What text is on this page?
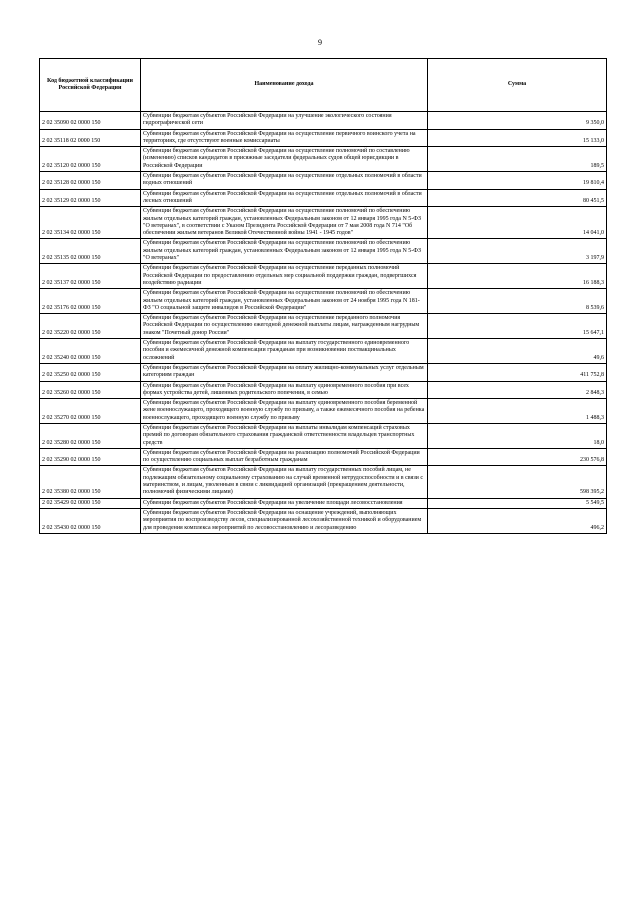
9
Код бюджетной классификации Российской Федерации	Наименование дохода	Сумма
2 02 35090 02 0000 150	Субвенции бюджетам субъектов Российской Федерации на улучшение экологического состояния гидрографической сети	9 350,0
2 02 35118 02 0000 150	Субвенции бюджетам субъектов Российской Федерации на осуществление первичного воинского учета на территориях, где отсутствуют военные комиссариаты	15 133,0
2 02 35120 02 0000 150	Субвенции бюджетам субъектов Российской Федерации на осуществление полномочий по составлению (изменению) списков кандидатов в присяжные заседатели федеральных судов общей юрисдикции в Российской Федерации	189,5
2 02 35128 02 0000 150	Субвенции бюджетам субъектов Российской Федерации на осуществление отдельных полномочий в области водных отношений	19 810,4
2 02 35129 02 0000 150	Субвенции бюджетам субъектов Российской Федерации на осуществление отдельных полномочий в области лесных отношений	80 451,5
2 02 35134 02 0000 150	Субвенции бюджетам субъектов Российской Федерации на осуществление полномочий по обеспечению жильем отдельных категорий граждан, установленных Федеральным законом от 12 января 1995 года N 5-ФЗ "О ветеранах", в соответствии с Указом Президента Российской Федерации от 7 мая 2008 года N 714 "Об обеспечении жильем ветеранов Великой Отечественной войны 1941 - 1945 годов"	14 041,0
2 02 35135 02 0000 150	Субвенции бюджетам субъектов Российской Федерации на осуществление полномочий по обеспечению жильем отдельных категорий граждан, установленных Федеральным законом от 12 января 1995 года N 5-ФЗ "О ветеранах"	3 197,9
2 02 35137 02 0000 150	Субвенции бюджетам субъектов Российской Федерации на осуществление переданных полномочий Российской Федерации по предоставлению отдельных мер социальной поддержки граждан, подвергшихся воздействию радиации	16 188,3
2 02 35176 02 0000 150	Субвенции бюджетам субъектов Российской Федерации на осуществление полномочий по обеспечению жильем отдельных категорий граждан, установленных Федеральным законом от 24 ноября 1995 года N 181-ФЗ "О социальной защите инвалидов в Российской Федерации"	8 539,6
2 02 35220 02 0000 150	Субвенции бюджетам субъектов Российской Федерации на осуществление переданного полномочия Российской Федерации по осуществлению ежегодной денежной выплаты лицам, награжденным нагрудным знаком "Почетный донор России"	15 647,1
2 02 35240 02 0000 150	Субвенции бюджетам субъектов Российской Федерации на выплату государственного единовременного пособия и ежемесячной денежной компенсации гражданам при возникновении поствакцинальных осложнений	49,6
2 02 35250 02 0000 150	Субвенции бюджетам субъектов Российской Федерации на оплату жилищно-коммунальных услуг отдельным категориям граждан	411 752,8
2 02 35260 02 0000 150	Субвенции бюджетам субъектов Российской Федерации на выплату единовременного пособия при всех формах устройства детей, лишенных родительского попечения, в семью	2 848,3
2 02 35270 02 0000 150	Субвенции бюджетам субъектов Российской Федерации на выплату единовременного пособия беременной жене военнослужащего, проходящего военную службу по призыву, а также ежемесячного пособия на ребенка военнослужащего, проходящего военную службу по призыву	1 488,3
2 02 35280 02 0000 150	Субвенции бюджетам субъектов Российской Федерации на выплаты инвалидам компенсаций страховых премий по договорам обязательного страхования гражданской ответственности владельцев транспортных средств	18,0
2 02 35290 02 0000 150	Субвенции бюджетам субъектов Российской Федерации на реализацию полномочий Российской Федерации по осуществлению социальных выплат безработным гражданам	230 576,8
2 02 35380 02 0000 150	Субвенции бюджетам субъектов Российской Федерации на выплату государственных пособий лицам, не подлежащим обязательному социальному страхованию на случай временной нетрудоспособности и в связи с материнством, и лицам, уволенным в связи с ликвидацией организаций (прекращением деятельности, полномочий физическими лицами)	598 395,2
2 02 35429 02 0000 150	Субвенции бюджетам субъектов Российской Федерации на увеличение площади лесовосстановления	5 549,5
2 02 35430 02 0000 150	Субвенции бюджетам субъектов Российской Федерации на оснащение учреждений, выполняющих мероприятия по воспроизводству лесов, специализированной лесохозяйственной техникой и оборудованием для проведения комплекса мероприятий по лесовосстановлению и лесоразведению	496,2
